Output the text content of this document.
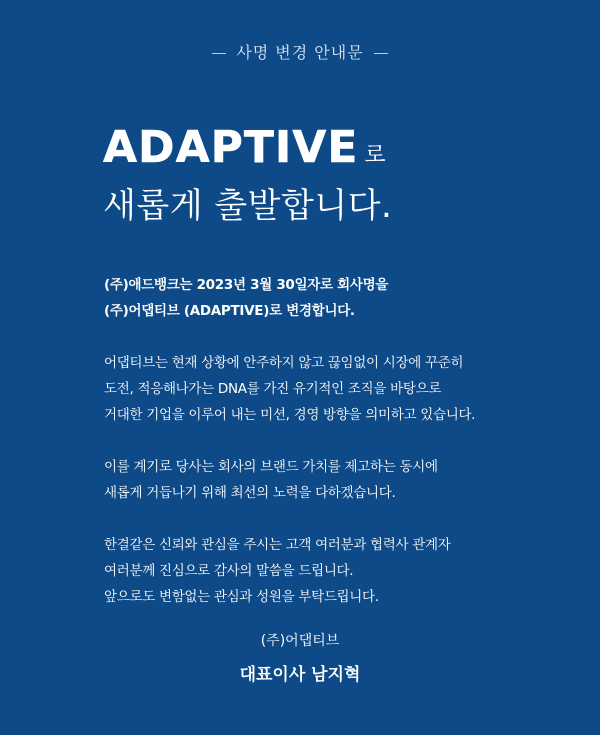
사명 변경 안내문
ADAPTIVE 로
새롭게 출발합니다.

(주)애드뱅크는 2023년 3월 30일자로 회사명을
(주)어댑티브 (ADAPTIVE)로 변경합니다.

어댑티브는 현재 상황에 안주하지 않고 끊임없이 시장에 꾸준히
도전, 적응해나가는 DNA를 가진 유기적인 조직을 바탕으로
거대한 기업을 이루어 내는 미션, 경영 방향을 의미하고 있습니다.

이를 계기로 당사는 회사의 브랜드 가치를 제고하는 동시에
새롭게 거듭나기 위해 최선의 노력을 다하겠습니다.

한결같은 신뢰와 관심을 주시는 고객 여러분과 협력사 관계자
여러분께 진심으로 감사의 말씀을 드립니다.
앞으로도 변함없는 관심과 성원을 부탁드립니다.

(주)어댑티브
대표이사 남지혁
